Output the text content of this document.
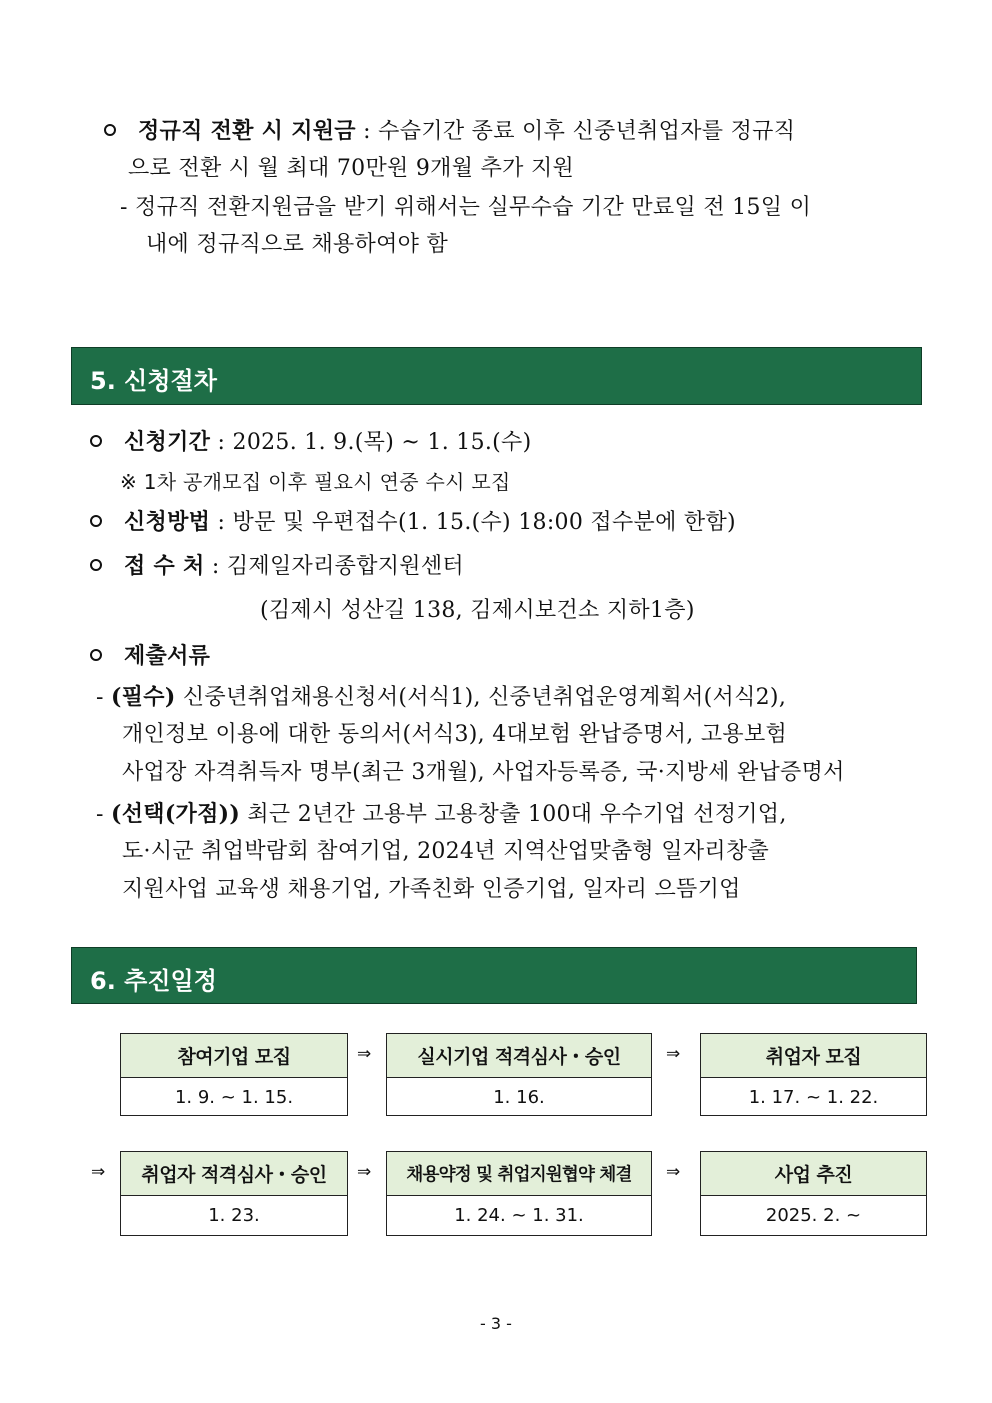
정규직 전환 시 지원금 : 수습기간 종료 이후 신중년취업자를 정규직
으로 전환 시 월 최대 70만원 9개월 추가 지원
- 정규직 전환지원금을 받기 위해서는 실무수습 기간 만료일 전 15일 이
내에 정규직으로 채용하여야 함
5. 신청절차
신청기간 : 2025. 1. 9.(목) ~ 1. 15.(수)
※ 1차 공개모집 이후 필요시 연중 수시 모집
신청방법 : 방문 및 우편접수(1. 15.(수) 18:00 접수분에 한함)
접 수 처 : 김제일자리종합지원센터
(김제시 성산길 138, 김제시보건소 지하1층)
제출서류
- (필수) 신중년취업채용신청서(서식1), 신중년취업운영계획서(서식2),
개인정보 이용에 대한 동의서(서식3), 4대보험 완납증명서, 고용보험
사업장 자격취득자 명부(최근 3개월), 사업자등록증, 국·지방세 완납증명서
- (선택(가점)) 최근 2년간 고용부 고용창출 100대 우수기업 선정기업,
도·시군 취업박람회 참여기업, 2024년 지역산업맞춤형 일자리창출
지원사업 교육생 채용기업, 가족친화 인증기업, 일자리 으뜸기업
6. 추진일정
참여기업 모집
1. 9. ~ 1. 15.
⇒	실시기업 적격심사・승인
1. 16.
⇒	취업자 모집
1. 17. ~ 1. 22.
⇒	취업자 적격심사・승인
1. 23.
⇒	채용약정 및 취업지원협약 체결
1. 24. ~ 1. 31.
⇒	사업 추진
2025. 2. ~
- 3 -
